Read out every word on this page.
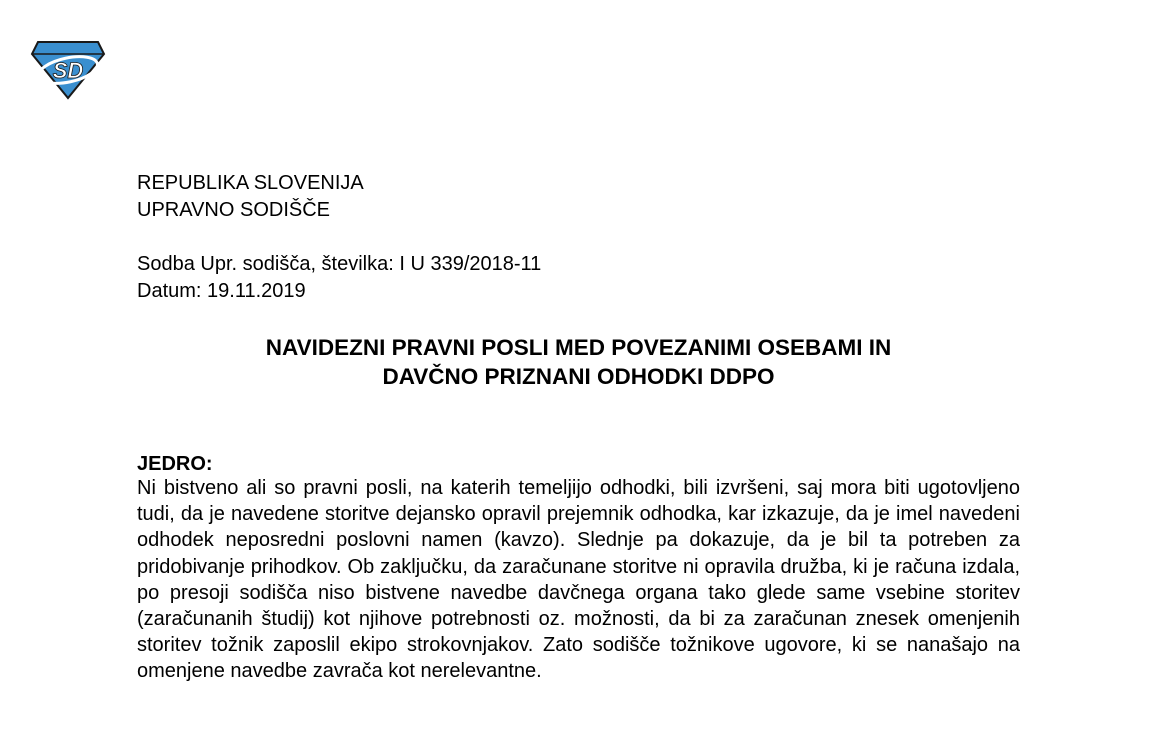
SD
REPUBLIKA SLOVENIJA
UPRAVNO SODIŠČE
Sodba Upr. sodišča, številka: I U 339/2018-11
Datum: 19.11.2019
NAVIDEZNI PRAVNI POSLI MED POVEZANIMI OSEBAMI IN
DAVČNO PRIZNANI ODHODKI DDPO
JEDRO:

Ni bistveno ali so pravni posli, na katerih temeljijo odhodki, bili izvršeni, saj mora biti ugotovljeno tudi, da je navedene storitve dejansko opravil prejemnik odhodka, kar izkazuje, da je imel navedeni odhodek neposredni poslovni namen (kavzo). Slednje pa dokazuje, da je bil ta potreben za pridobivanje prihodkov. Ob zaključku, da zaračunane storitve ni opravila družba, ki je računa izdala, po presoji sodišča niso bistvene navedbe davčnega organa tako glede same vsebine storitev (zaračunanih študij) kot njihove potrebnosti oz. možnosti, da bi za zaračunan znesek omenjenih storitev tožnik zaposlil ekipo strokovnjakov. Zato sodišče tožnikove ugovore, ki se nanašajo na omenjene navedbe zavrača kot nerelevantne.
